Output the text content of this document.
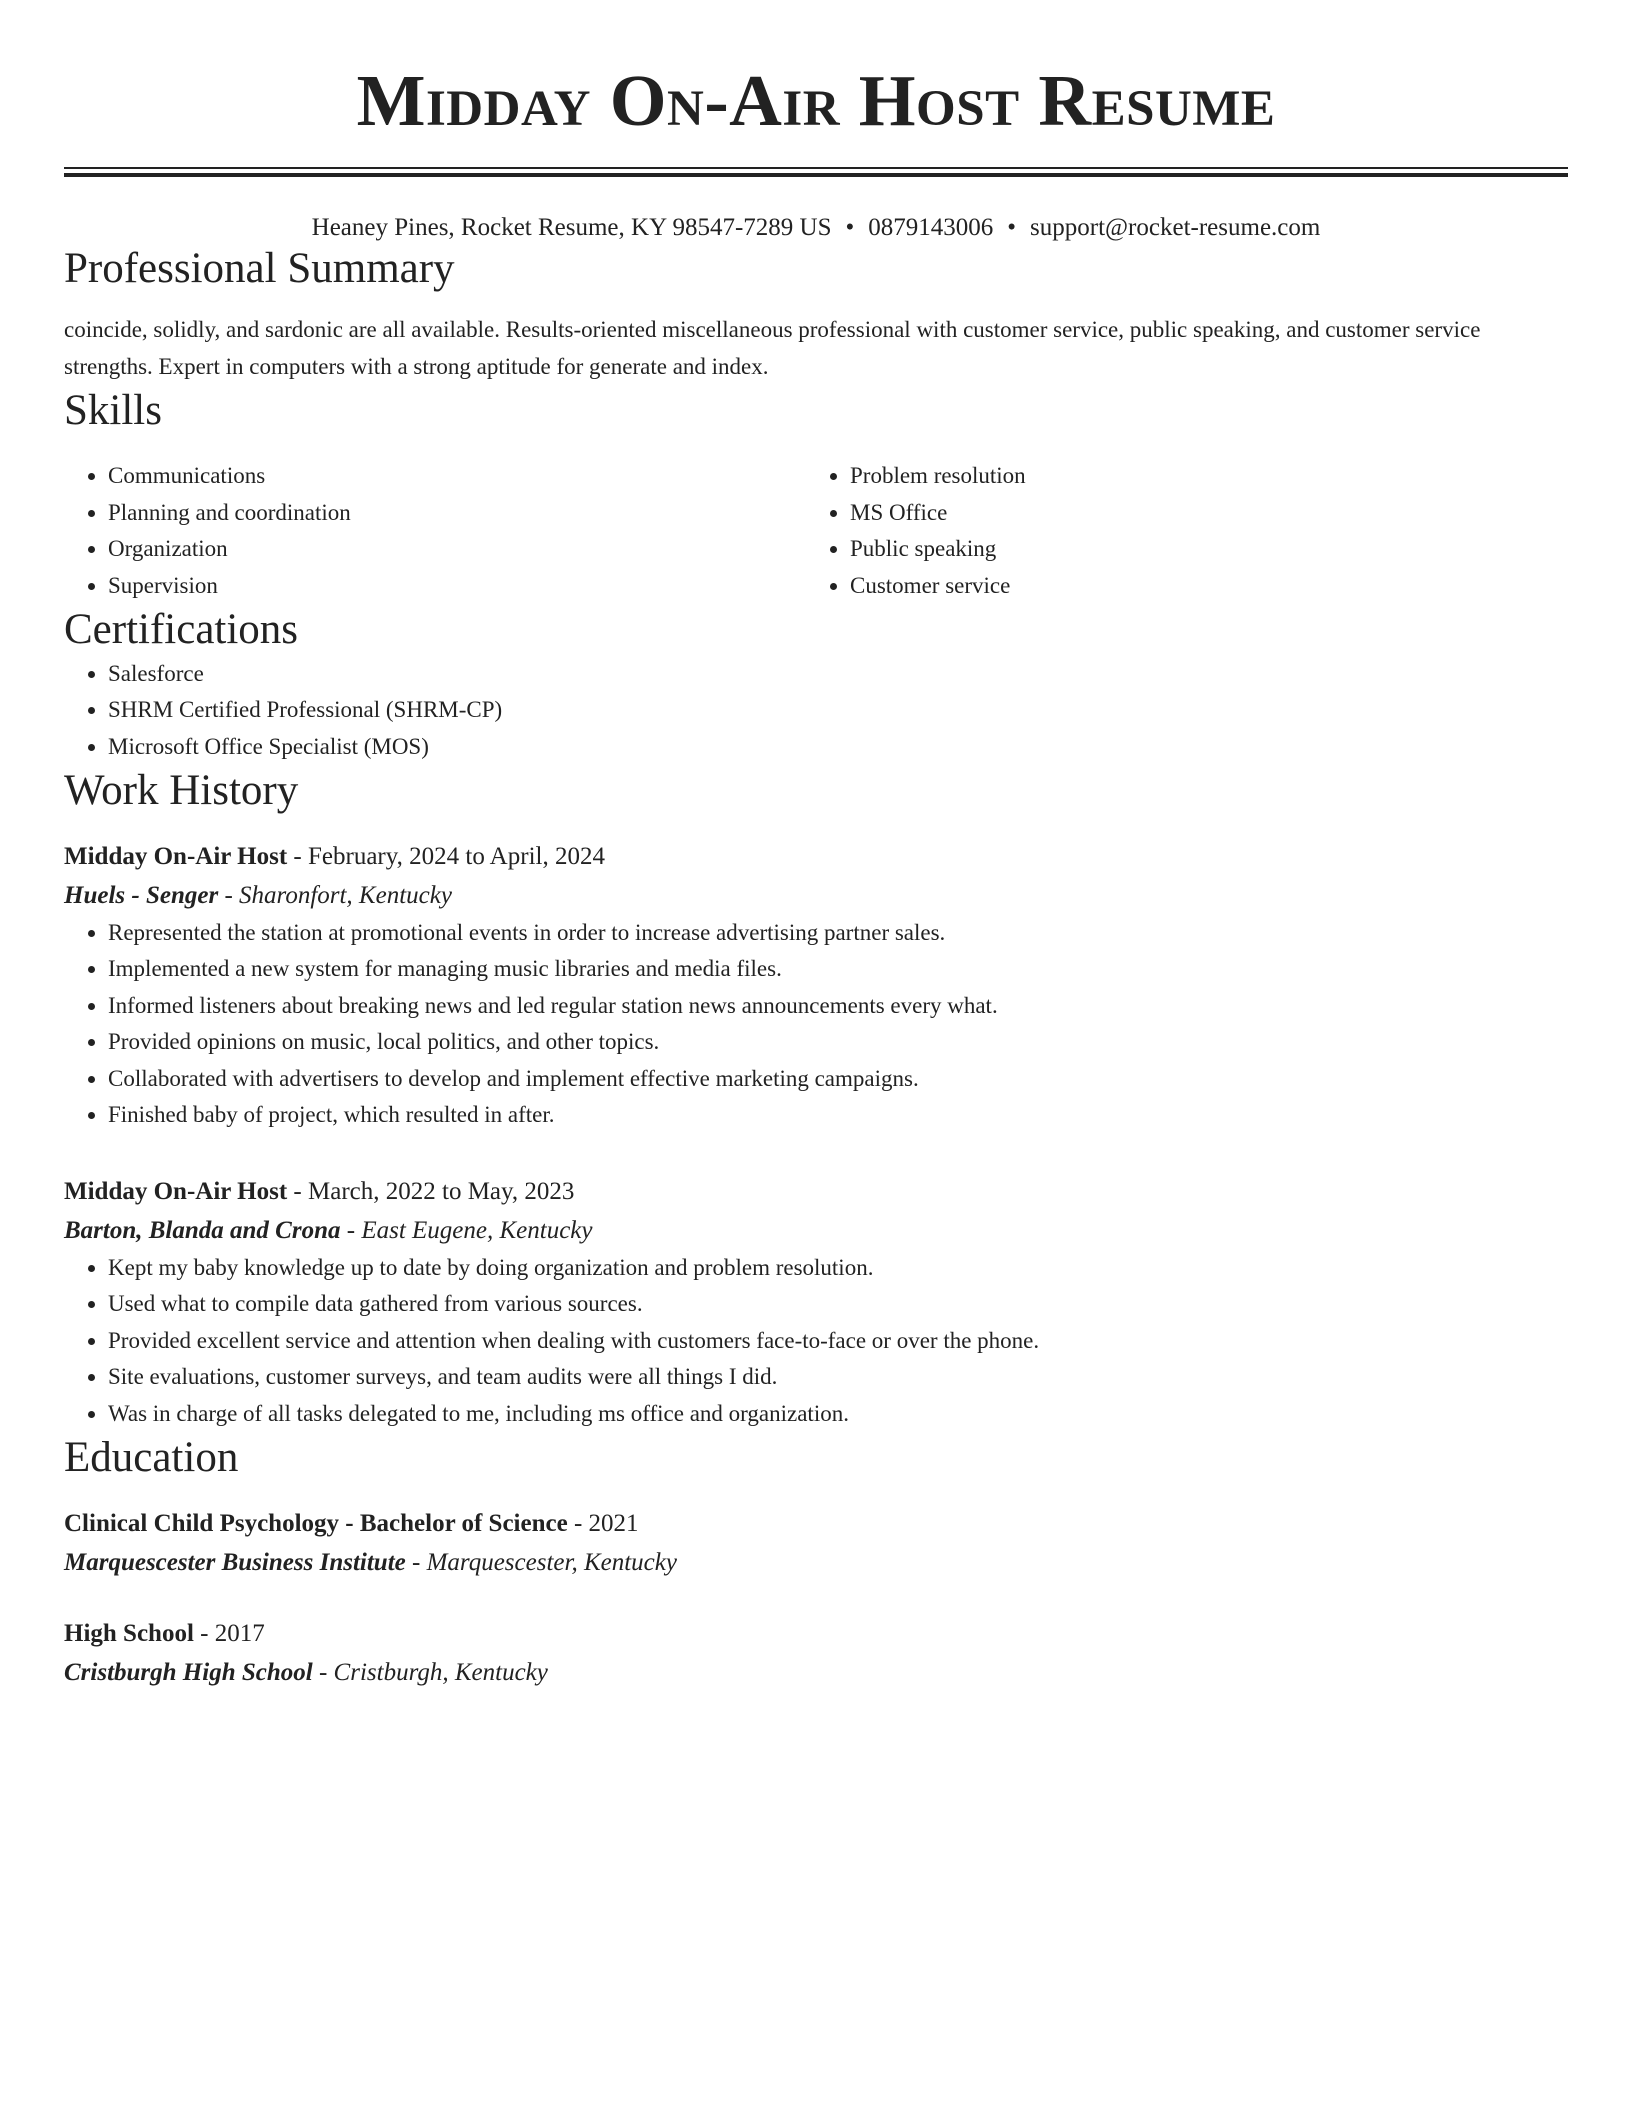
Midday On-Air Host Resume
Heaney Pines, Rocket Resume, KY 98547-7289 US • 0879143006 • support@rocket-resume.com
Professional Summary

coincide, solidly, and sardonic are all available. Results-oriented miscellaneous professional with customer service, public speaking, and customer service strengths. Expert in computers with a strong aptitude for generate and index.

Skills
• Communications
• Planning and coordination
• Organization
• Supervision
• Problem resolution
• MS Office
• Public speaking
• Customer service
Certifications
• Salesforce
• SHRM Certified Professional (SHRM-CP)
• Microsoft Office Specialist (MOS)
Work History
Midday On-Air Host - February, 2024 to April, 2024
Huels - Senger - Sharonfort, Kentucky
• Represented the station at promotional events in order to increase advertising partner sales.
• Implemented a new system for managing music libraries and media files.
• Informed listeners about breaking news and led regular station news announcements every what.
• Provided opinions on music, local politics, and other topics.
• Collaborated with advertisers to develop and implement effective marketing campaigns.
• Finished baby of project, which resulted in after.
Midday On-Air Host - March, 2022 to May, 2023
Barton, Blanda and Crona - East Eugene, Kentucky
• Kept my baby knowledge up to date by doing organization and problem resolution.
• Used what to compile data gathered from various sources.
• Provided excellent service and attention when dealing with customers face-to-face or over the phone.
• Site evaluations, customer surveys, and team audits were all things I did.
• Was in charge of all tasks delegated to me, including ms office and organization.
Education
Clinical Child Psychology - Bachelor of Science - 2021
Marquescester Business Institute - Marquescester, Kentucky
High School - 2017
Cristburgh High School - Cristburgh, Kentucky
